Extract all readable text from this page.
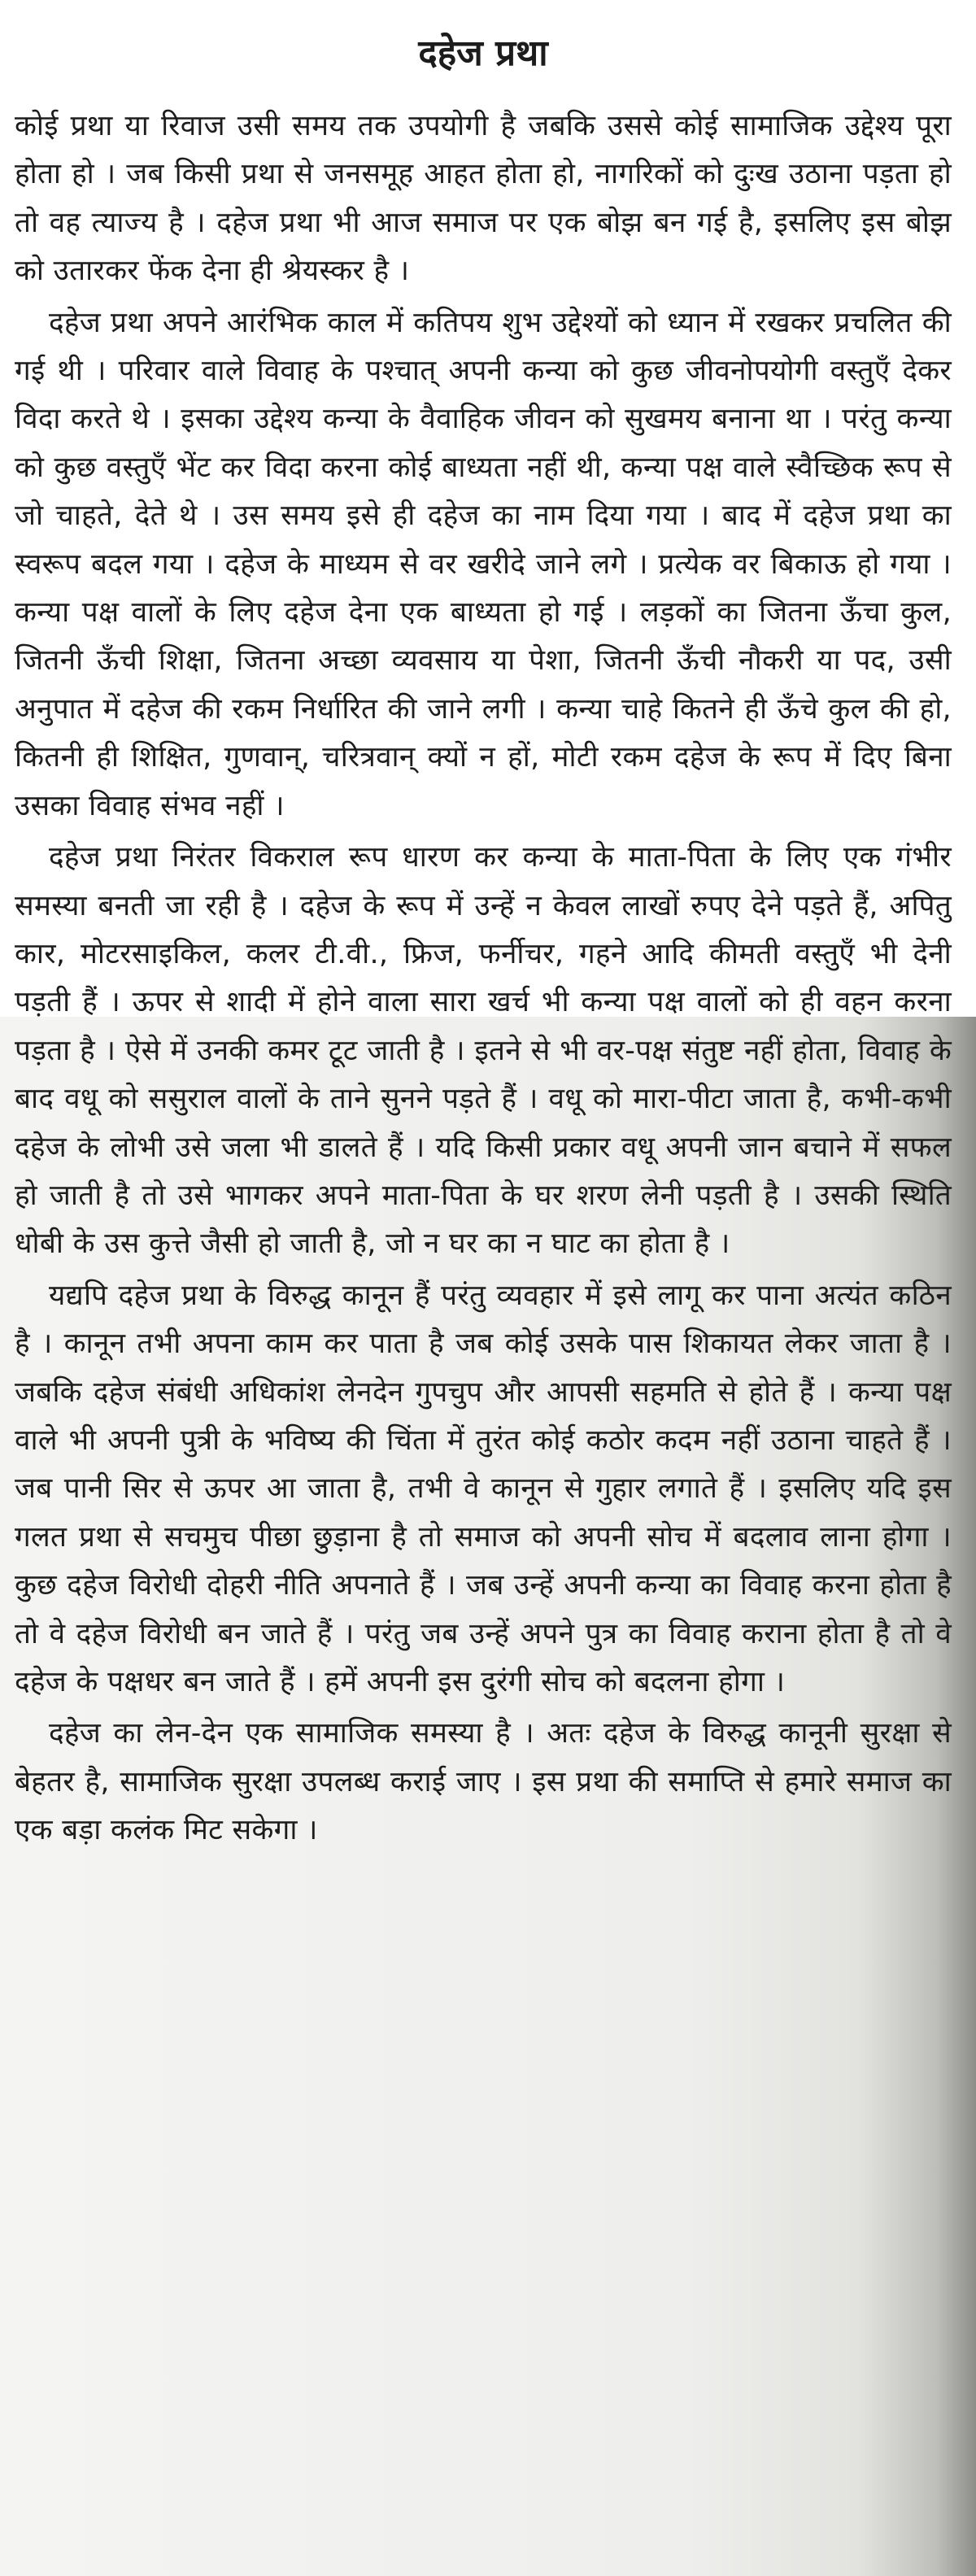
दहेज प्रथा

कोई प्रथा या रिवाज उसी समय तक उपयोगी है जबकि उससे कोई सामाजिक उद्देश्य पूरा होता हो । जब किसी प्रथा से जनसमूह आहत होता हो, नागरिकों को दुःख उठाना पड़ता हो तो वह त्याज्य है । दहेज प्रथा भी आज समाज पर एक बोझ बन गई है, इसलिए इस बोझ को उतारकर फेंक देना ही श्रेयस्कर है ।

दहेज प्रथा अपने आरंभिक काल में कतिपय शुभ उद्देश्यों को ध्यान में रखकर प्रचलित की गई थी । परिवार वाले विवाह के पश्चात् अपनी कन्या को कुछ जीवनोपयोगी वस्तुएँ देकर विदा करते थे । इसका उद्देश्य कन्या के वैवाहिक जीवन को सुखमय बनाना था । परंतु कन्या को कुछ वस्तुएँ भेंट कर विदा करना कोई बाध्यता नहीं थी, कन्या पक्ष वाले स्वैच्छिक रूप से जो चाहते, देते थे । उस समय इसे ही दहेज का नाम दिया गया । बाद में दहेज प्रथा का स्वरूप बदल गया । दहेज के माध्यम से वर खरीदे जाने लगे । प्रत्येक वर बिकाऊ हो गया । कन्या पक्ष वालों के लिए दहेज देना एक बाध्यता हो गई । लड़कों का जितना ऊँचा कुल, जितनी ऊँची शिक्षा, जितना अच्छा व्यवसाय या पेशा, जितनी ऊँची नौकरी या पद, उसी अनुपात में दहेज की रकम निर्धारित की जाने लगी । कन्या चाहे कितने ही ऊँचे कुल की हो, कितनी ही शिक्षित, गुणवान्, चरित्रवान् क्यों न हों, मोटी रकम दहेज के रूप में दिए बिना उसका विवाह संभव नहीं ।

दहेज प्रथा निरंतर विकराल रूप धारण कर कन्या के माता-पिता के लिए एक गंभीर समस्या बनती जा रही है । दहेज के रूप में उन्हें न केवल लाखों रुपए देने पड़ते हैं, अपितु कार, मोटरसाइकिल, कलर टी.वी., फ्रिज, फर्नीचर, गहने आदि कीमती वस्तुएँ भी देनी पड़ती हैं । ऊपर से शादी में होने वाला सारा खर्च भी कन्या पक्ष वालों को ही वहन करना पड़ता है । ऐसे में उनकी कमर टूट जाती है । इतने से भी वर-पक्ष संतुष्ट नहीं होता, विवाह के बाद वधू को ससुराल वालों के ताने सुनने पड़ते हैं । वधू को मारा-पीटा जाता है, कभी-कभी दहेज के लोभी उसे जला भी डालते हैं । यदि किसी प्रकार वधू अपनी जान बचाने में सफल हो जाती है तो उसे भागकर अपने माता-पिता के घर शरण लेनी पड़ती है । उसकी स्थिति धोबी के उस कुत्ते जैसी हो जाती है, जो न घर का न घाट का होता है ।

यद्यपि दहेज प्रथा के विरुद्ध कानून हैं परंतु व्यवहार में इसे लागू कर पाना अत्यंत कठिन है । कानून तभी अपना काम कर पाता है जब कोई उसके पास शिकायत लेकर जाता है । जबकि दहेज संबंधी अधिकांश लेनदेन गुपचुप और आपसी सहमति से होते हैं । कन्या पक्ष वाले भी अपनी पुत्री के भविष्य की चिंता में तुरंत कोई कठोर कदम नहीं उठाना चाहते हैं । जब पानी सिर से ऊपर आ जाता है, तभी वे कानून से गुहार लगाते हैं । इसलिए यदि इस गलत प्रथा से सचमुच पीछा छुड़ाना है तो समाज को अपनी सोच में बदलाव लाना होगा । कुछ दहेज विरोधी दोहरी नीति अपनाते हैं । जब उन्हें अपनी कन्या का विवाह करना होता है तो वे दहेज विरोधी बन जाते हैं । परंतु जब उन्हें अपने पुत्र का विवाह कराना होता है तो वे दहेज के पक्षधर बन जाते हैं । हमें अपनी इस दुरंगी सोच को बदलना होगा ।

दहेज का लेन-देन एक सामाजिक समस्या है । अतः दहेज के विरुद्ध कानूनी सुरक्षा से बेहतर है, सामाजिक सुरक्षा उपलब्ध कराई जाए । इस प्रथा की समाप्ति से हमारे समाज का एक बड़ा कलंक मिट सकेगा ।
